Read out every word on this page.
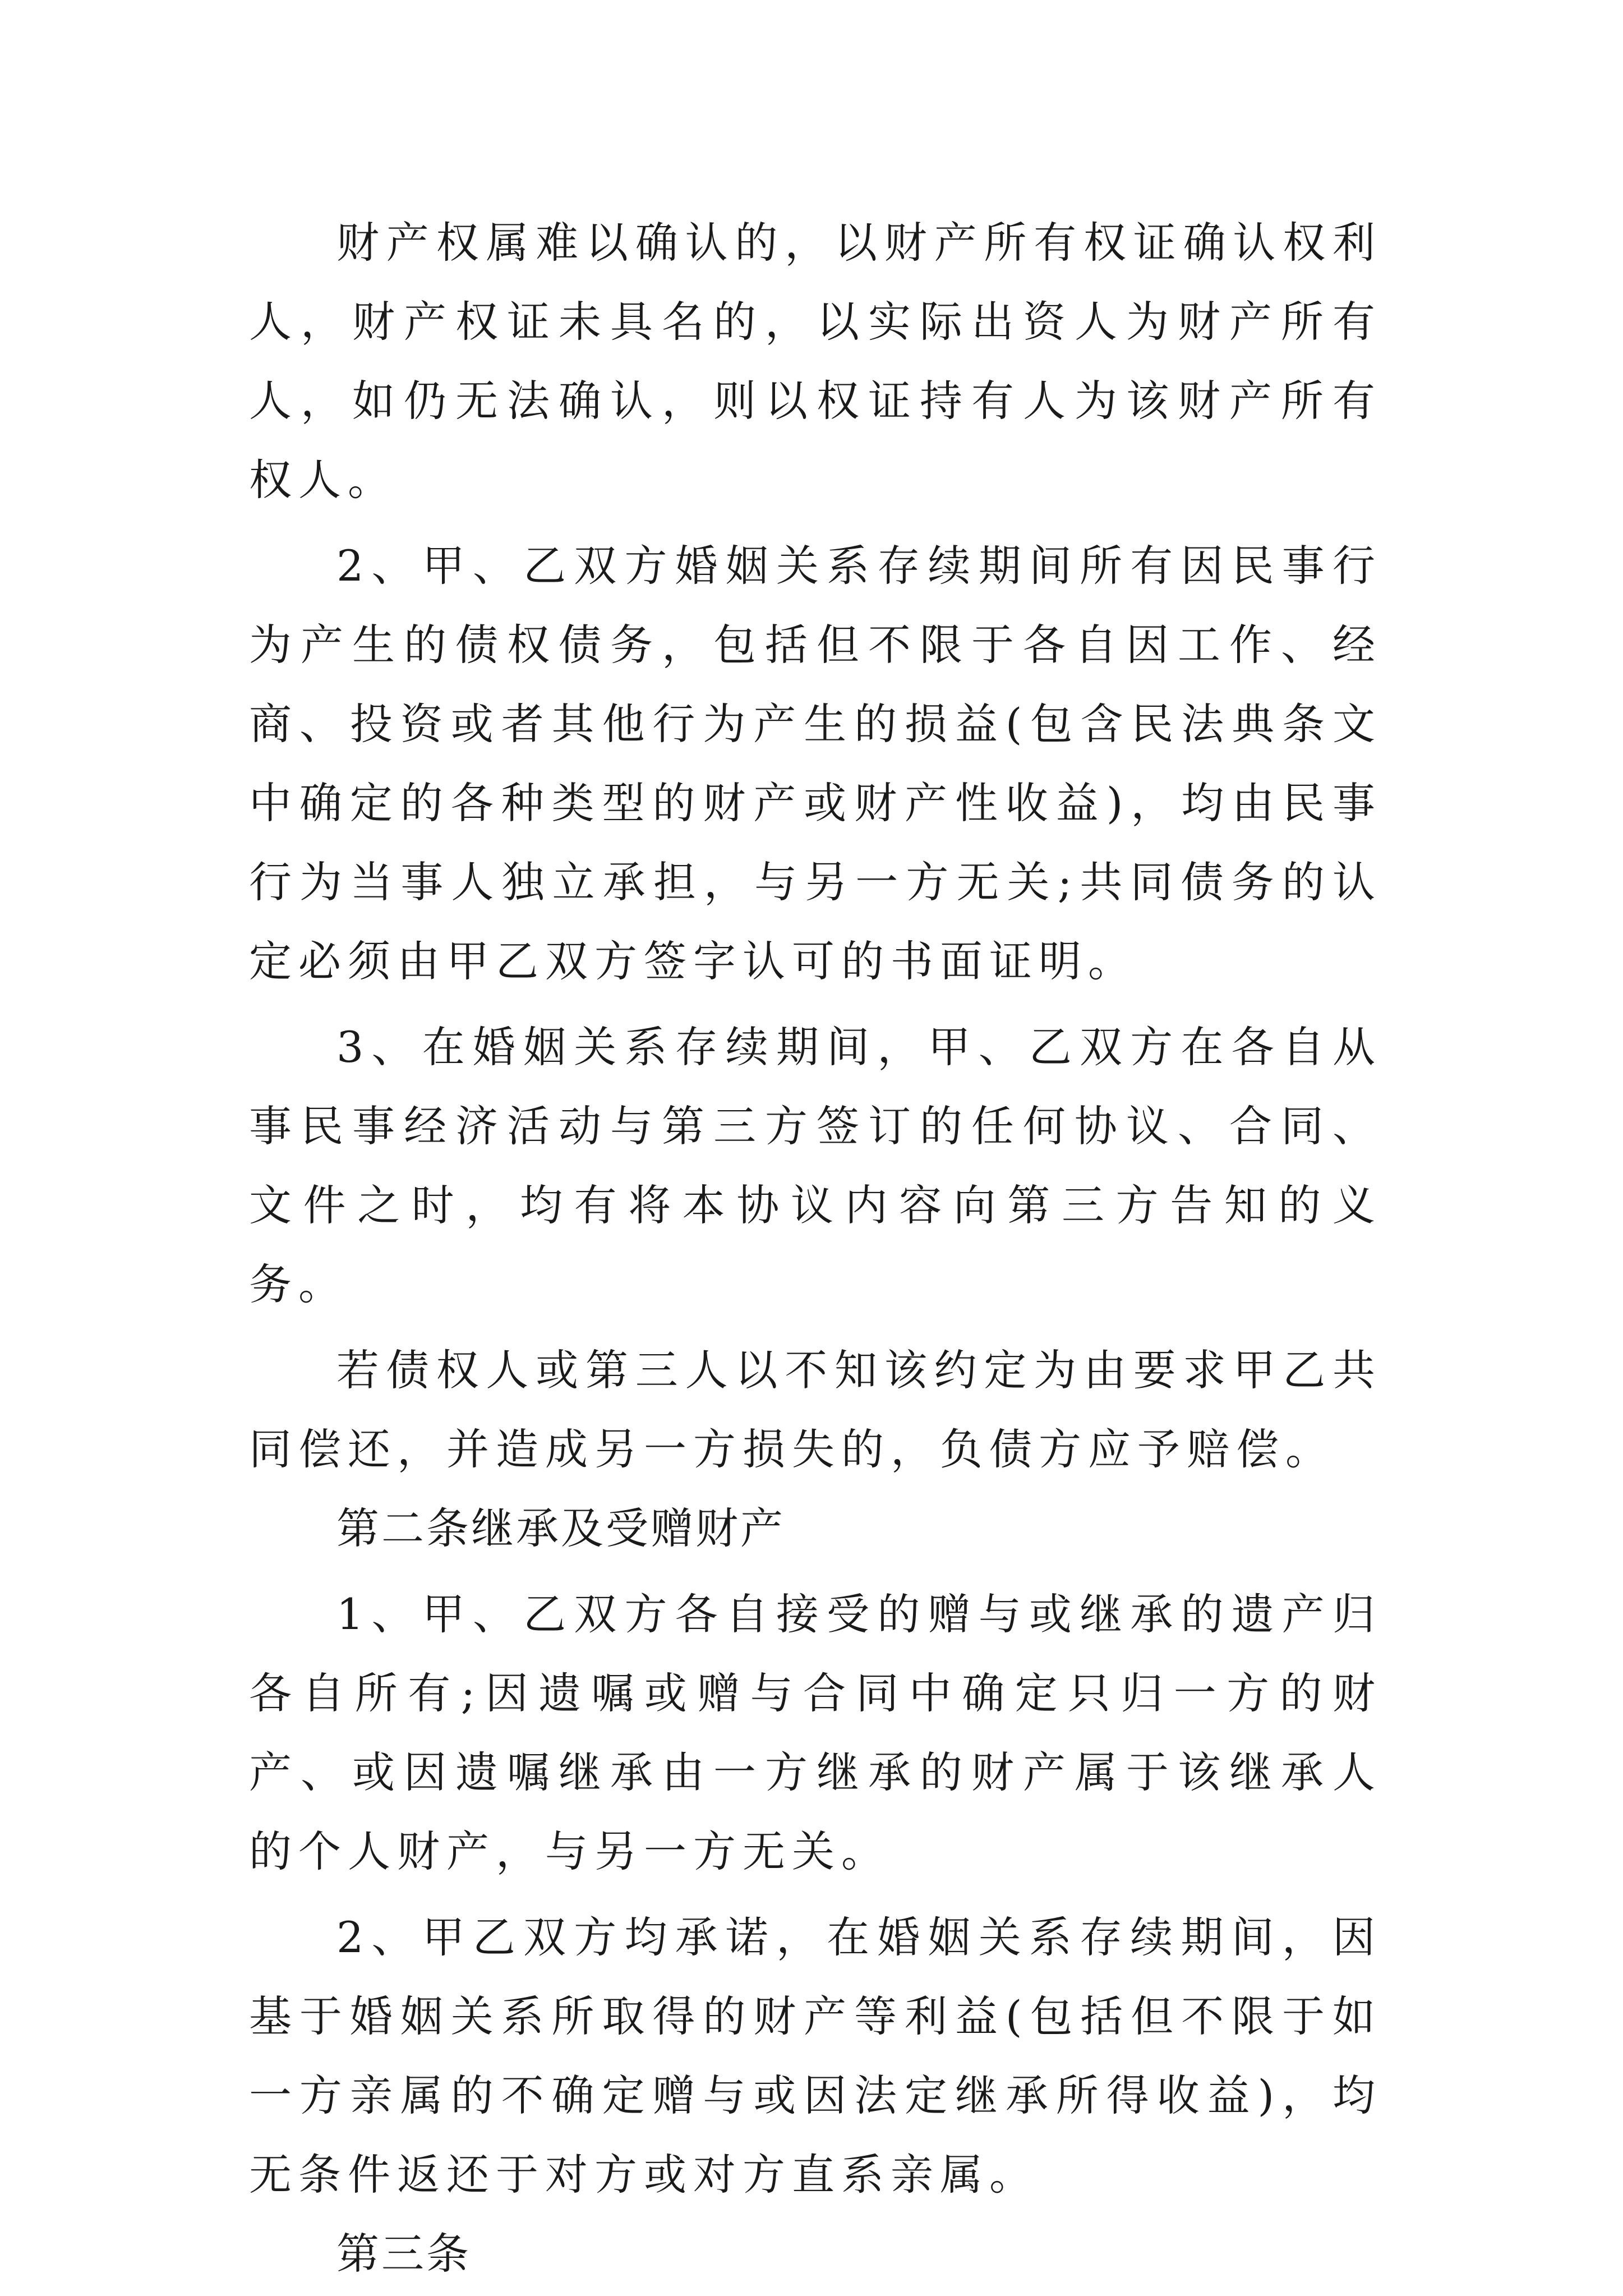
财产权属难以确认的，以财产所有权证确认权利人，财产权证未具名的，以实际出资人为财产所有人，如仍无法确认，则以权证持有人为该财产所有权人。

2、甲、乙双方婚姻关系存续期间所有因民事行为产生的债权债务，包括但不限于各自因工作、经商、投资或者其他行为产生的损益(包含民法典条文中确定的各种类型的财产或财产性收益)，均由民事行为当事人独立承担，与另一方无关;共同债务的认定必须由甲乙双方签字认可的书面证明。

3、在婚姻关系存续期间，甲、乙双方在各自从事民事经济活动与第三方签订的任何协议、合同、文件之时，均有将本协议内容向第三方告知的义务。

若债权人或第三人以不知该约定为由要求甲乙共同偿还，并造成另一方损失的，负债方应予赔偿。

第二条继承及受赠财产

1、甲、乙双方各自接受的赠与或继承的遗产归各自所有;因遗嘱或赠与合同中确定只归一方的财产、或因遗嘱继承由一方继承的财产属于该继承人的个人财产，与另一方无关。

2、甲乙双方均承诺，在婚姻关系存续期间，因基于婚姻关系所取得的财产等利益(包括但不限于如一方亲属的不确定赠与或因法定继承所得收益)，均无条件返还于对方或对方直系亲属。

第三条
